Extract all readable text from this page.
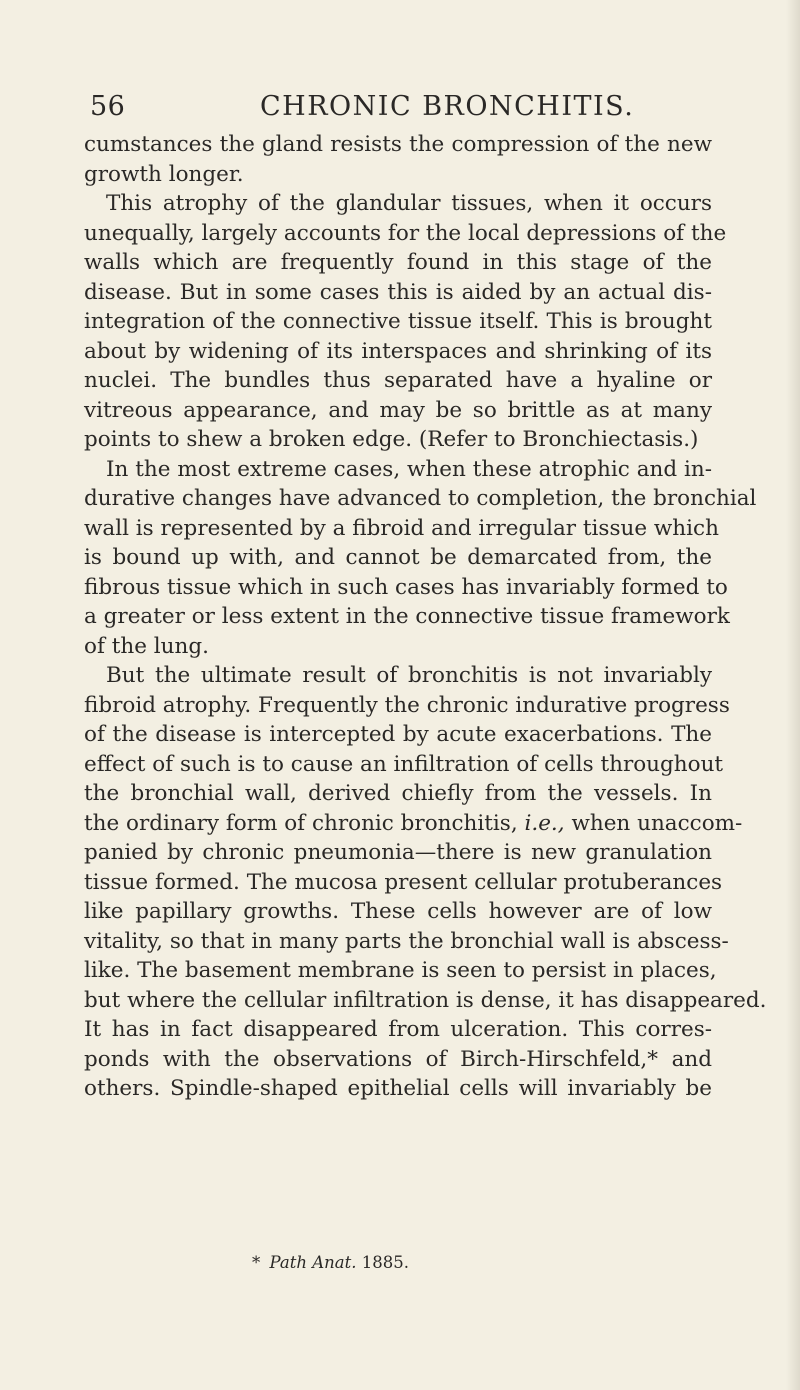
56	CHRONIC BRONCHITIS.
cumstances the gland resists the compression of the new
growth longer.
This atrophy of the glandular tissues, when it occurs
unequally, largely accounts for the local depressions of the
walls which are frequently found in this stage of the
disease. But in some cases this is aided by an actual dis-
integration of the connective tissue itself. This is brought
about by widening of its interspaces and shrinking of its
nuclei. The bundles thus separated have a hyaline or
vitreous appearance, and may be so brittle as at many
points to shew a broken edge. (Refer to Bronchiectasis.)
In the most extreme cases, when these atrophic and in-
durative changes have advanced to completion, the bronchial
wall is represented by a fibroid and irregular tissue which
is bound up with, and cannot be demarcated from, the
fibrous tissue which in such cases has invariably formed to
a greater or less extent in the connective tissue framework
of the lung.
But the ultimate result of bronchitis is not invariably
fibroid atrophy. Frequently the chronic indurative progress
of the disease is intercepted by acute exacerbations. The
effect of such is to cause an infiltration of cells throughout
the bronchial wall, derived chiefly from the vessels. In
the ordinary form of chronic bronchitis, i.e., when unaccom-
panied by chronic pneumonia—there is new granulation
tissue formed. The mucosa present cellular protuberances
like papillary growths. These cells however are of low
vitality, so that in many parts the bronchial wall is abscess-
like. The basement membrane is seen to persist in places,
but where the cellular infiltration is dense, it has disappeared.
It has in fact disappeared from ulceration. This corres-
ponds with the observations of Birch-Hirschfeld,* and
others. Spindle-shaped epithelial cells will invariably be
* Path Anat. 1885.
